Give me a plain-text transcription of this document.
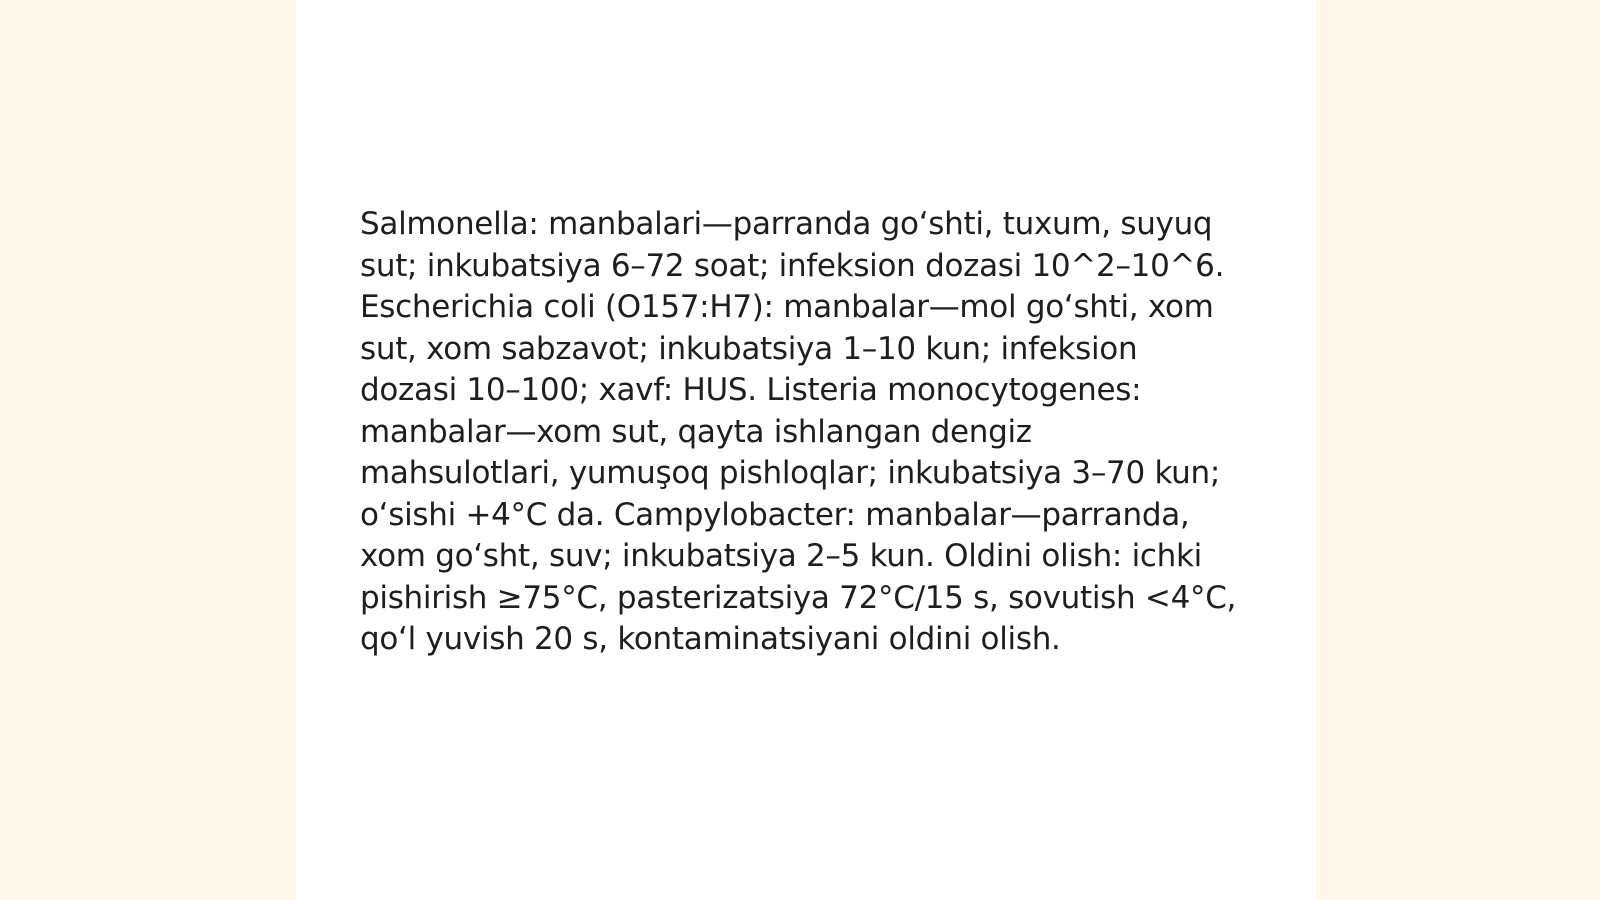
Salmonella: manbalari—parranda goʻshti, tuxum, suyuq sut; inkubatsiya 6–72 soat; infeksion dozasi 10^2–10^6. Escherichia coli (O157:H7): manbalar—mol goʻshti, xom sut, xom sabzavot; inkubatsiya 1–10 kun; infeksion dozasi 10–100; xavf: HUS. Listeria monocytogenes: manbalar—xom sut, qayta ishlangan dengiz mahsulotlari, yumuşoq pishloqlar; inkubatsiya 3–70 kun; oʻsishi +4°C da. Campylobacter: manbalar—parranda, xom goʻsht, suv; inkubatsiya 2–5 kun. Oldini olish: ichki pishirish ≥75°C, pasterizatsiya 72°C/15 s, sovutish <4°C, qoʻl yuvish 20 s, kontaminatsiyani oldini olish.
